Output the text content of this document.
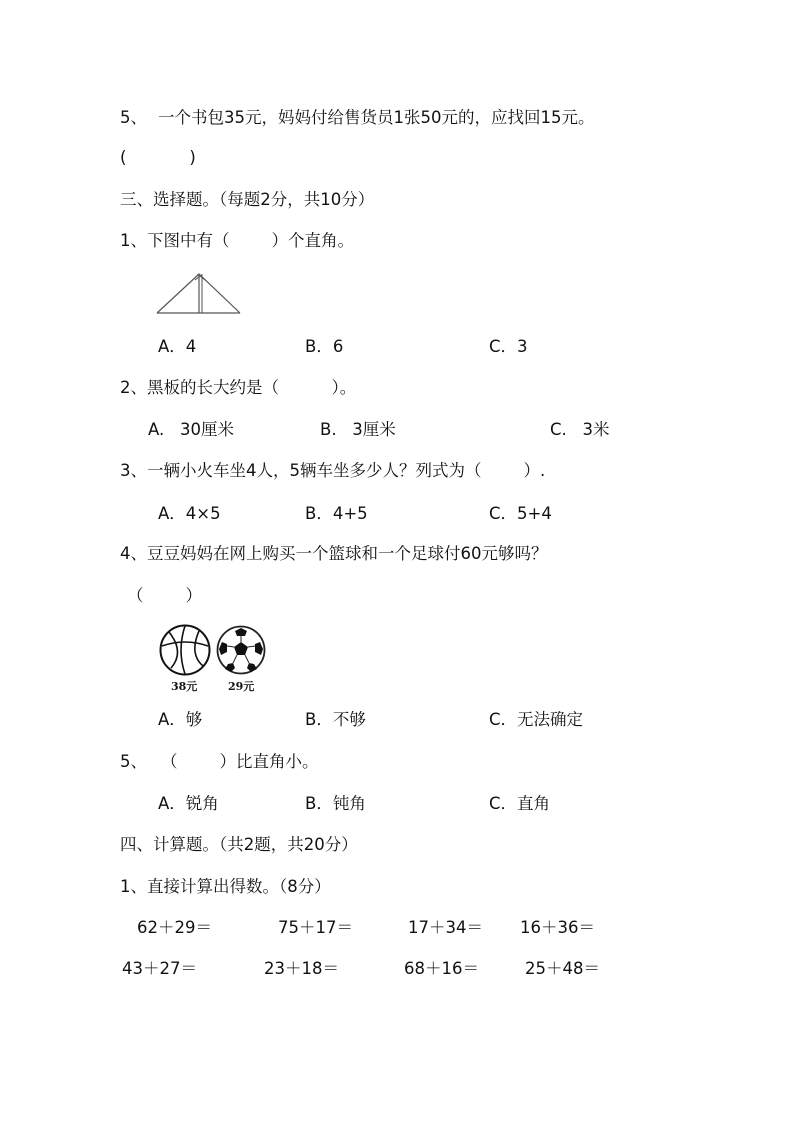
5、 一个书包35元，妈妈付给售货员1张50元的，应找回15元。
(            )
三、选择题。（每题2分，共10分）
1、下图中有（        ）个直角。
A．4	B．6	C．3
2、黑板的长大约是（          ）。
A.   30厘米	B.   3厘米	C.   3米
3、一辆小火车坐4人，5辆车坐多少人？列式为（        ）.
A．4×5	B．4+5	C．5+4
4、豆豆妈妈在网上购买一个篮球和一个足球付60元够吗？
（        ）
38元	29元
A．够	B．不够	C．无法确定
5、 （        ）比直角小。
A．锐角	B．钝角	C．直角
四、计算题。（共2题，共20分）
1、直接计算出得数。（8分）
62＋29＝	75＋17＝	17＋34＝ 16＋36＝
43＋27＝	23＋18＝	68＋16＝	25＋48＝
